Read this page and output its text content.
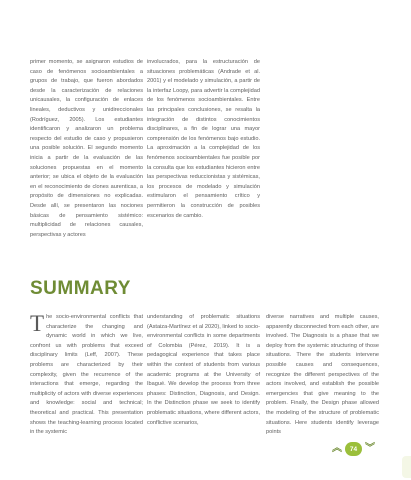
primer momento, se asignaron estudios de caso de fenómenos socioambientales a grupos de trabajo, que fueron abordados desde la caracterización de relaciones unicausales, la configuración de enlaces lineales, deductivos y unidireccionales (Rodríguez, 2005). Los estudiantes identificaron y analizaron un problema respecto del estudio de caso y propusieron una posible solución. El segundo momento inicia a partir de la evaluación de las soluciones propuestas en el momento anterior; se ubica el objeto de la evaluación en el reconocimiento de clones aurenticas, a propósito de dimensiones no explicadas. Desde allí, se presentaron las nociones básicas de pensamiento sistémico: multiplicidad de relaciones causales, perspectivas y actores

involucrados, para la estructuración de situaciones problemáticas (Andrade et al. 2001) y el modelado y simulación, a partir de la interfaz Loopy, para advertir la complejidad de los fenómenos socioambientales. Entre las principales conclusiones, se resalta la integración de distintos conocimientos disciplinares, a fin de lograr una mayor comprensión de los fenómenos bajo estudio. La aproximación a la complejidad de los fenómenos socioambientales fue posible por la consulta que los estudiantes hicieron entre las perspectivas reduccionistas y sistémicas, los procesos de modelado y simulación estimularon el pensamiento crítico y permitieron la construcción de posibles escenarios de cambio.

SUMMARY

The socio-environmental conflicts that characterize the changing and dynamic world in which we live, confront us with problems that exceed disciplinary limits (Leff, 2007). These problems are characterized by their complexity, given the recurrence of the interactions that emerge, regarding the multiplicity of actors with diverse experiences and knowledge: social and technical; theoretical and practical. This presentation shows the teaching-learning process located in the systemic

understanding of problematic situations (Astaiza-Martínez et al 2020), linked to socio-environmental conflicts in some departments of Colombia (Pérez, 2019). It is a pedagogical experience that takes place within the context of students from various academic programs at the University of Ibagué. We develop the process from three phases: Distinction, Diagnosis, and Design. In the Distinction phase we seek to identify problematic situations, where different actors, conflictive scenarios,

diverse narratives and multiple causes, apparently disconnected from each other, are involved. The Diagnosis is a phase that we deploy from the systemic structuring of those situations. There the students intervene possible causes and consequences, recognize the different perspectives of the actors involved, and establish the possible emergencies that give meaning to the problem. Finally, the Design phase allowed the modeling of the structure of problematic situations. Here students identify leverage points

︽	74 ︾
